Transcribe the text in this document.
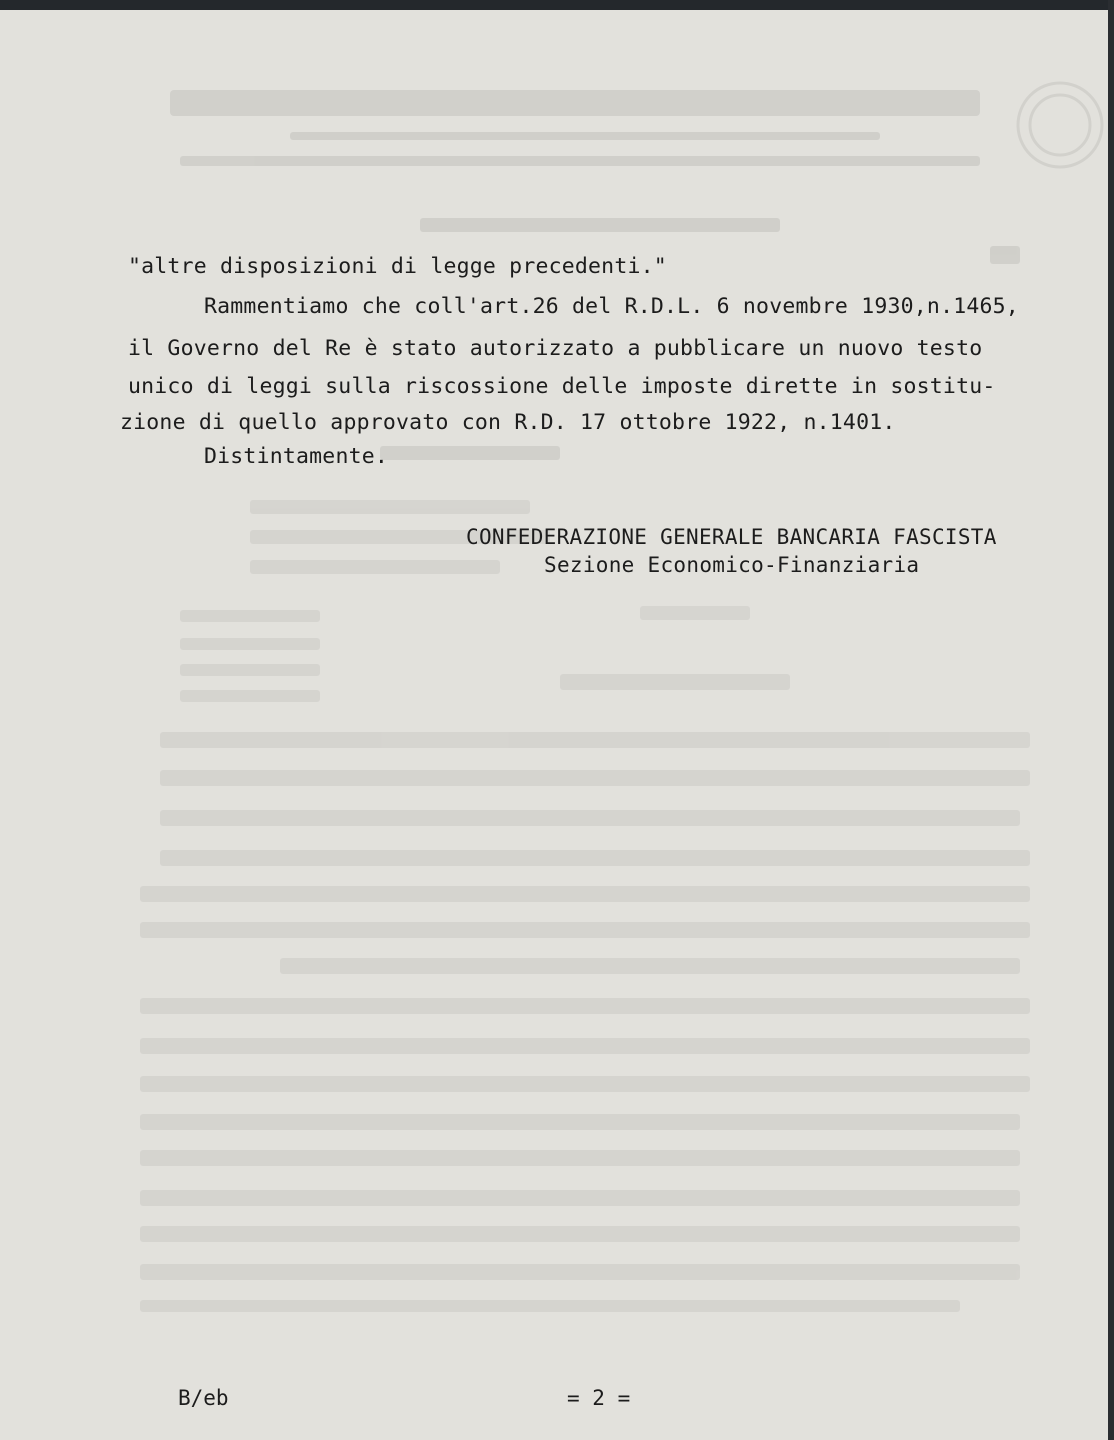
"altre disposizioni di legge precedenti."
Rammentiamo che coll'art.26 del R.D.L. 6 novembre 1930,n.1465,
il Governo del Re è stato autorizzato a pubblicare un nuovo testo
unico di leggi sulla riscossione delle imposte dirette in sostitu-
zione di quello approvato con R.D. 17 ottobre 1922, n.1401.
Distintamente.
CONFEDERAZIONE GENERALE BANCARIA FASCISTA
Sezione Economico-Finanziaria
B/eb	= 2 =
